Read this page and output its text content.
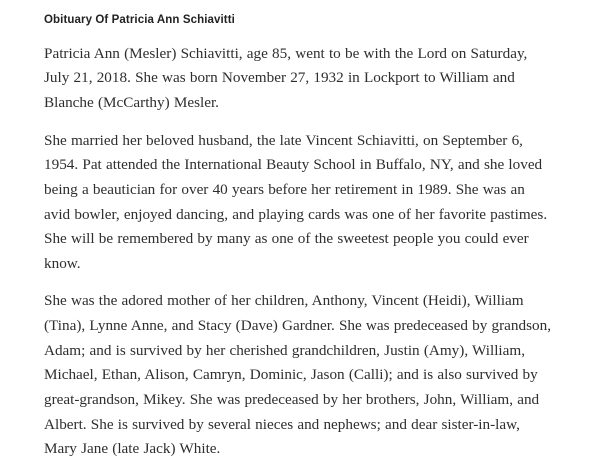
Obituary Of Patricia Ann Schiavitti

Patricia Ann (Mesler) Schiavitti, age 85, went to be with the Lord on Saturday, July 21, 2018. She was born November 27, 1932 in Lockport to William and Blanche (McCarthy) Mesler.

She married her beloved husband, the late Vincent Schiavitti, on September 6, 1954. Pat attended the International Beauty School in Buffalo, NY, and she loved being a beautician for over 40 years before her retirement in 1989. She was an avid bowler, enjoyed dancing, and playing cards was one of her favorite pastimes. She will be remembered by many as one of the sweetest people you could ever know.

She was the adored mother of her children, Anthony, Vincent (Heidi), William (Tina), Lynne Anne, and Stacy (Dave) Gardner. She was predeceased by grandson, Adam; and is survived by her cherished grandchildren, Justin (Amy), William, Michael, Ethan, Alison, Camryn, Dominic, Jason (Calli); and is also survived by great-grandson, Mikey. She was predeceased by her brothers, John, William, and Albert. She is survived by several nieces and nephews; and dear sister-in-law, Mary Jane (late Jack) White.
